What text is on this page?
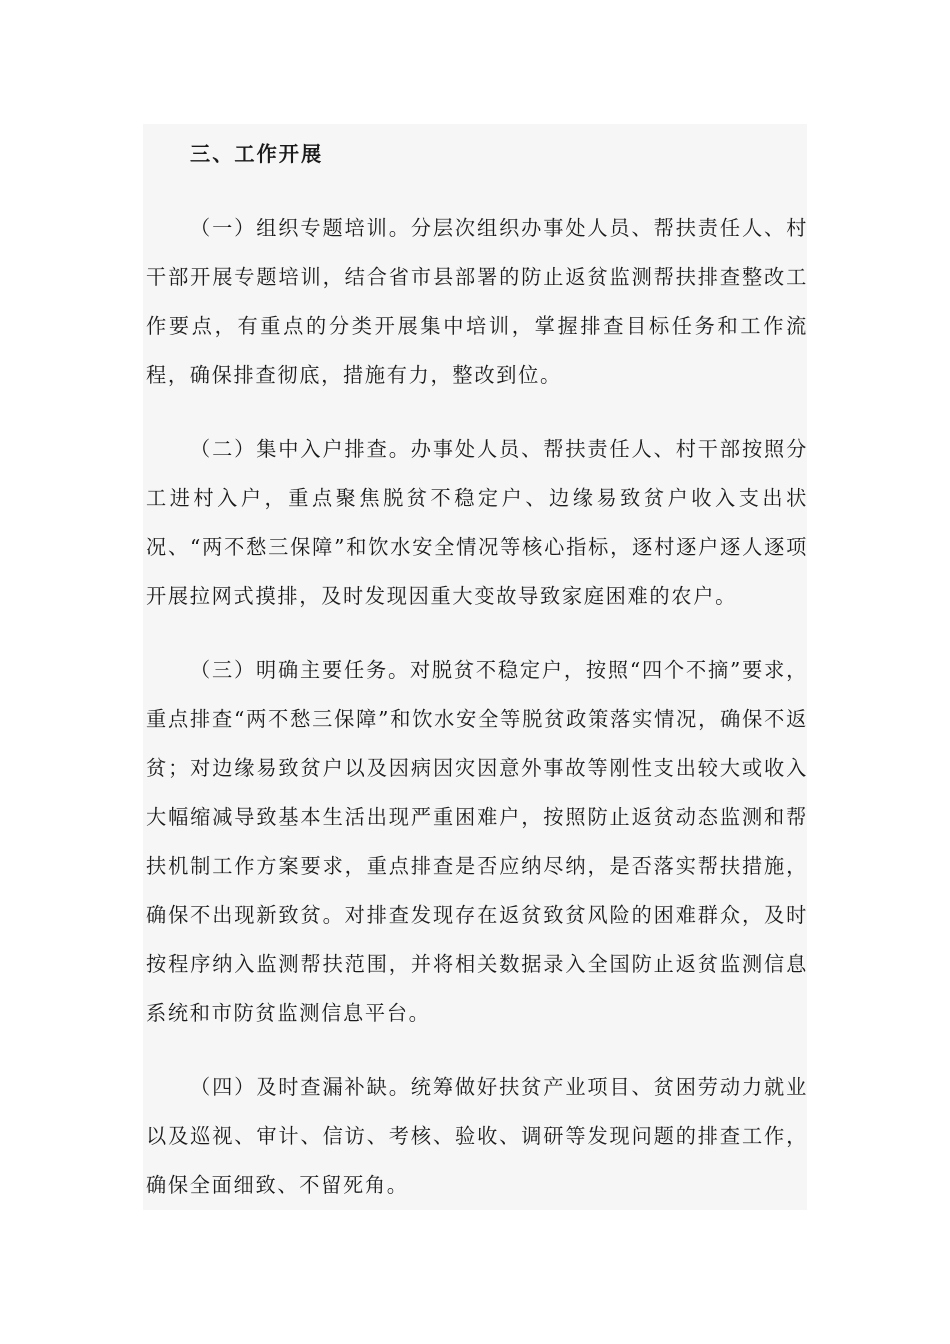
三、工作开展

（一）组织专题培训。分层次组织办事处人员、帮扶责任人、村干部开展专题培训，结合省市县部署的防止返贫监测帮扶排查整改工作要点，有重点的分类开展集中培训，掌握排查目标任务和工作流程，确保排查彻底，措施有力，整改到位。

（二）集中入户排查。办事处人员、帮扶责任人、村干部按照分工进村入户，重点聚焦脱贫不稳定户、边缘易致贫户收入支出状况、“两不愁三保障”和饮水安全情况等核心指标，逐村逐户逐人逐项开展拉网式摸排，及时发现因重大变故导致家庭困难的农户。

（三）明确主要任务。对脱贫不稳定户，按照“四个不摘”要求，重点排查“两不愁三保障”和饮水安全等脱贫政策落实情况，确保不返贫；对边缘易致贫户以及因病因灾因意外事故等刚性支出较大或收入大幅缩减导致基本生活出现严重困难户，按照防止返贫动态监测和帮扶机制工作方案要求，重点排查是否应纳尽纳，是否落实帮扶措施，确保不出现新致贫。对排查发现存在返贫致贫风险的困难群众，及时按程序纳入监测帮扶范围，并将相关数据录入全国防止返贫监测信息系统和市防贫监测信息平台。

（四）及时查漏补缺。统筹做好扶贫产业项目、贫困劳动力就业以及巡视、审计、信访、考核、验收、调研等发现问题的排查工作，确保全面细致、不留死角。
